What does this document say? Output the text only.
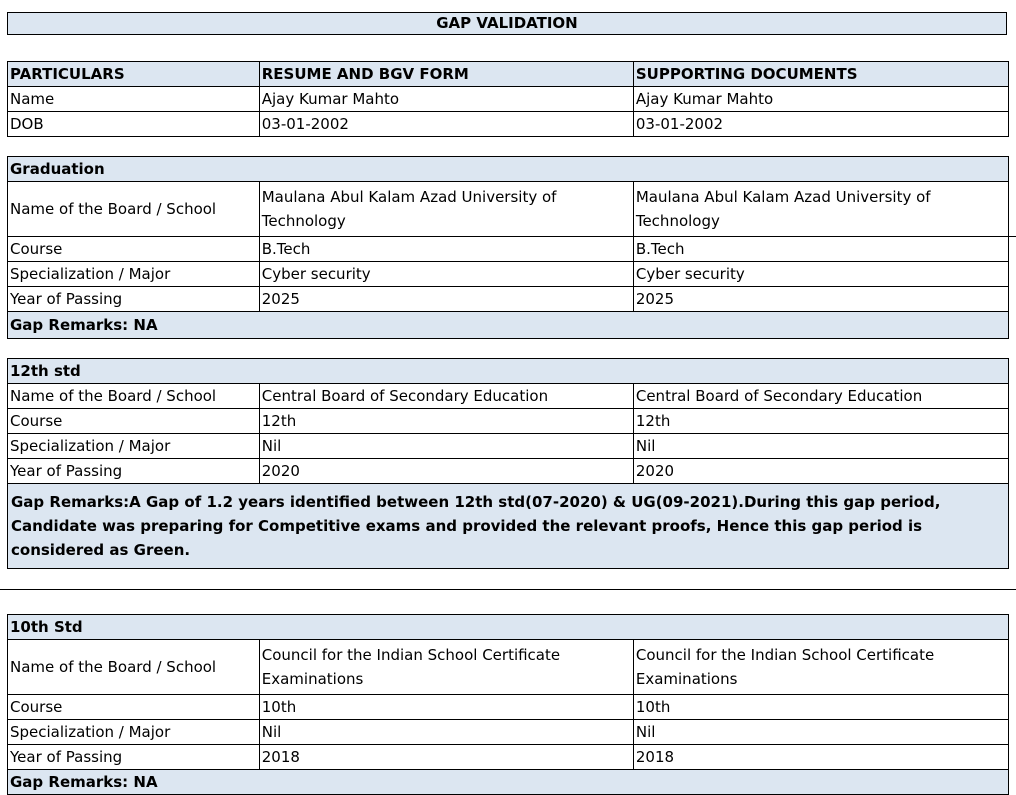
GAP VALIDATION
PARTICULARS	RESUME AND BGV FORM	SUPPORTING DOCUMENTS
Name	Ajay Kumar Mahto	Ajay Kumar Mahto
DOB	03-01-2002	03-01-2002
Graduation		
Name of the Board / School	Maulana Abul Kalam Azad University of Technology	Maulana Abul Kalam Azad University of Technology
Course	B.Tech	B.Tech
Specialization / Major	Cyber security	Cyber security
Year of Passing	2025	2025
Gap Remarks: NA		
12th std		
Name of the Board / School	Central Board of Secondary Education	Central Board of Secondary Education
Course	12th	12th
Specialization / Major	Nil	Nil
Year of Passing	2020	2020
Gap Remarks:A Gap of 1.2 years identified between 12th std(07-2020) & UG(09-2021).During this gap period, Candidate was preparing for Competitive exams and provided the relevant proofs, Hence this gap period is considered as Green.		
10th Std		
Name of the Board / School	Council for the Indian School Certificate Examinations	Council for the Indian School Certificate Examinations
Course	10th	10th
Specialization / Major	Nil	Nil
Year of Passing	2018	2018
Gap Remarks: NA		
